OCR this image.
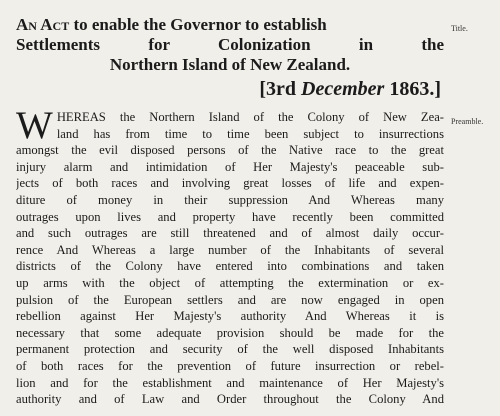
An Act to enable the Governor to establish
Settlements for Colonization in the
Northern Island of New Zealand.
[3rd December 1863.]
Title.
Preamble.
W HEREAS the Northern Island of the Colony of New Zea-
land has from time to time been subject to insurrections
amongst the evil disposed persons of the Native race to the great
injury alarm and intimidation of Her Majesty's peaceable sub-
jects of both races and involving great losses of life and expen-
diture of money in their suppression And Whereas many
outrages upon lives and property have recently been committed
and such outrages are still threatened and of almost daily occur-
rence And Whereas a large number of the Inhabitants of several
districts of the Colony have entered into combinations and taken
up arms with the object of attempting the extermination or ex-
pulsion of the European settlers and are now engaged in open
rebellion against Her Majesty's authority And Whereas it is
necessary that some adequate provision should be made for the
permanent protection and security of the well disposed Inhabitants
of both races for the prevention of future insurrection or rebel-
lion and for the establishment and maintenance of Her Majesty's
authority and of Law and Order throughout the Colony And
